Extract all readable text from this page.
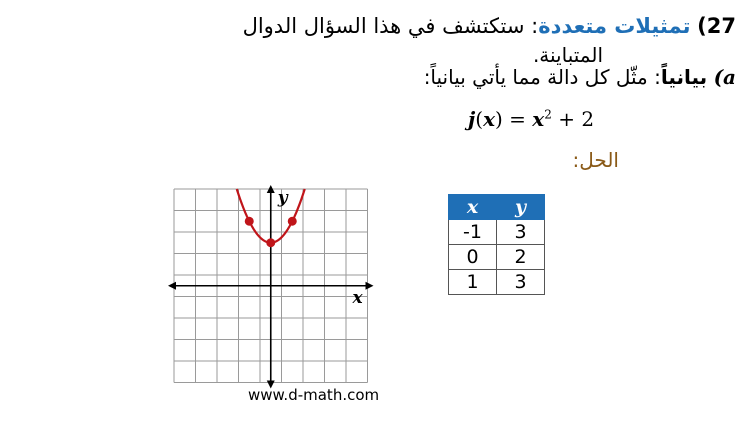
27) تمثيلات متعددة: ستكتشف في هذا السؤال الدوال
المتباينة.
a) بيانياً: مثّل كل دالة مما يأتي بيانياً:
$j(x) = x^2 + 2$
الحل:
y
x
x	y
-1	3
0	2
1	3
www.d-math.com
